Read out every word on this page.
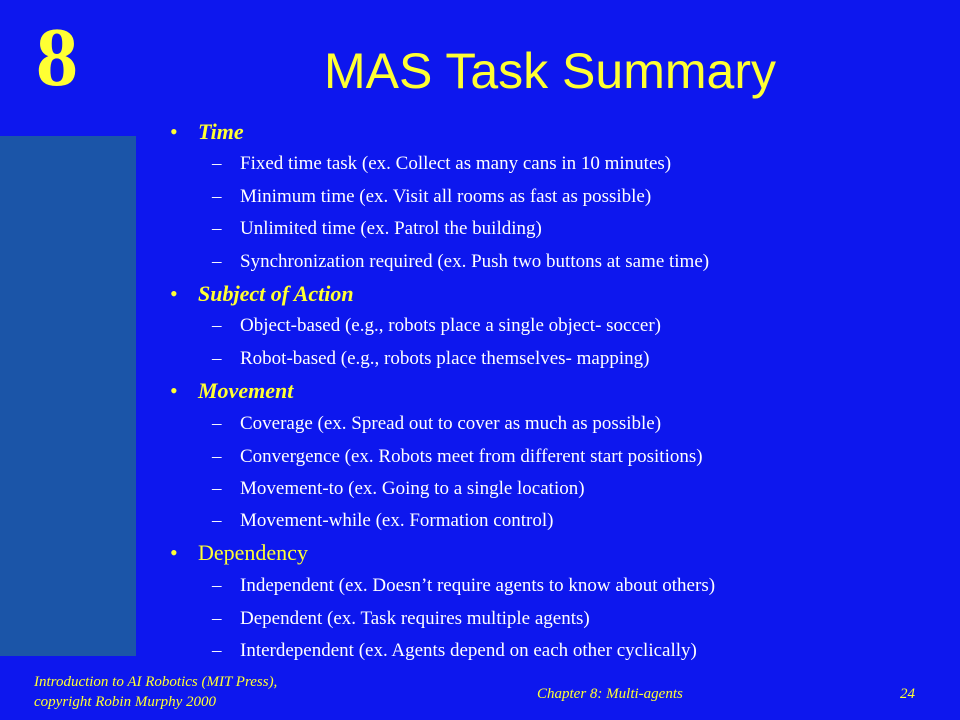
8	MAS Task Summary
• Time
– Fixed time task (ex. Collect as many cans in 10 minutes)
– Minimum time (ex. Visit all rooms as fast as possible)
– Unlimited time (ex. Patrol the building)
– Synchronization required (ex. Push two buttons at same time)
• Subject of Action
– Object-based (e.g., robots place a single object- soccer)
– Robot-based (e.g., robots place themselves- mapping)
• Movement
– Coverage (ex. Spread out to cover as much as possible)
– Convergence (ex. Robots meet from different start positions)
– Movement-to (ex. Going to a single location)
– Movement-while (ex. Formation control)
• Dependency
– Independent (ex. Doesn’t require agents to know about others)
– Dependent (ex. Task requires multiple agents)
– Interdependent (ex. Agents depend on each other cyclically)
Introduction to AI Robotics (MIT Press),
copyright Robin Murphy 2000	Chapter 8: Multi-agents	24
